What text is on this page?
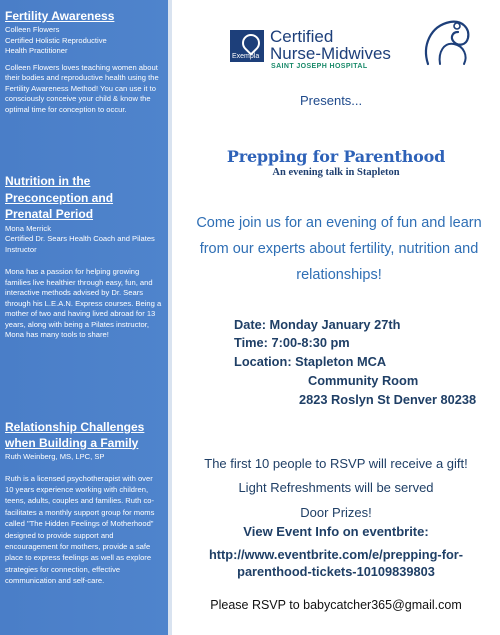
Fertility Awareness
Colleen Flowers
Certified Holistic Reproductive
Health Practitioner

Colleen Flowers loves teaching women about their bodies and reproductive health using the Fertility Awareness Method! You can use it to consciously conceive your child & know the optimal time for conception to occur.

Nutrition in the Preconception and Prenatal Period
Mona Merrick
Certified Dr. Sears Health Coach and Pilates Instructor

Mona has a passion for helping growing families live healthier through easy, fun, and interactive methods advised by Dr. Sears through his L.E.A.N. Express courses. Being a mother of two and having lived abroad for 13 years, along with being a Pilates instructor, Mona has many tools to share!

Relationship Challenges when Building a Family
Ruth Weinberg, MS, LPC, SP

Ruth is a licensed psychotherapist with over 10 years experience working with children, teens, adults, couples and families. Ruth co-facilitates a monthly support group for moms called "The Hidden Feelings of Motherhood" designed to provide support and encouragement for mothers, provide a safe place to express feelings as well as explore strategies for connection, effective communication and self-care.

Exempla
Certified
Nurse-Midwives
SAINT JOSEPH HOSPITAL
Presents...
Prepping for Parenthood
An evening talk in Stapleton
Come join us for an evening of fun and learn from our experts about fertility, nutrition and relationships!
Date: Monday January 27th
Time: 7:00-8:30 pm
Location: Stapleton MCA
Community Room
2823 Roslyn St Denver 80238
The first 10 people to RSVP will receive a gift!
Light Refreshments will be served
Door Prizes!
View Event Info on eventbrite:
http://www.eventbrite.com/e/prepping-for-
parenthood-tickets-10109839803
Please RSVP to babycatcher365@gmail.com
